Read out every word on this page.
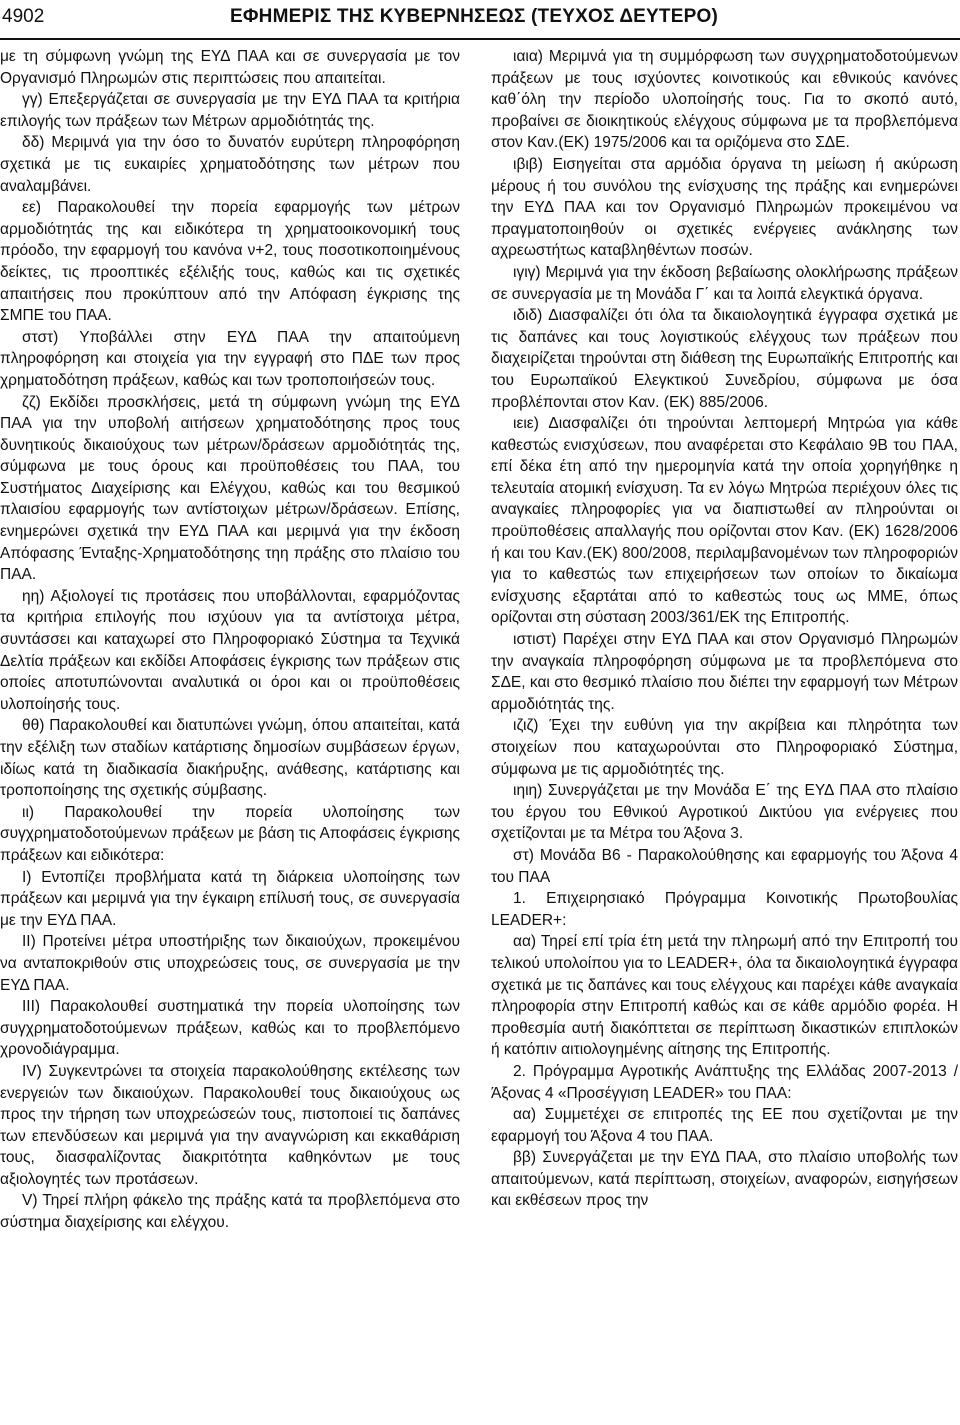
4902	ΕΦΗΜΕΡΙΣ ΤΗΣ ΚΥΒΕΡΝΗΣΕΩΣ (ΤΕΥΧΟΣ ΔΕΥΤΕΡΟ)

με τη σύμφωνη γνώμη της ΕΥΔ ΠΑΑ και σε συνεργασία με τον Οργανισμό Πληρωμών στις περιπτώσεις που απαιτείται.

γγ) Επεξεργάζεται σε συνεργασία με την ΕΥΔ ΠΑΑ τα κριτήρια επιλογής των πράξεων των Μέτρων αρμοδιότητάς της.

δδ) Μεριμνά για την όσο το δυνατόν ευρύτερη πληροφόρηση σχετικά με τις ευκαιρίες χρηματοδότησης των μέτρων που αναλαμβάνει.

εε) Παρακολουθεί την πορεία εφαρμογής των μέτρων αρμοδιότητάς της και ειδικότερα τη χρηματοοικονομική τους πρόοδο, την εφαρμογή του κανόνα ν+2, τους ποσοτικοποιημένους δείκτες, τις προοπτικές εξέλιξής τους, καθώς και τις σχετικές απαιτήσεις που προκύπτουν από την Απόφαση έγκρισης της ΣΜΠΕ του ΠΑΑ.

στστ) Υποβάλλει στην ΕΥΔ ΠΑΑ την απαιτούμενη πληροφόρηση και στοιχεία για την εγγραφή στο ΠΔΕ των προς χρηματοδότηση πράξεων, καθώς και των τροποποιήσεών τους.

ζζ) Εκδίδει προσκλήσεις, μετά τη σύμφωνη γνώμη της ΕΥΔ ΠΑΑ για την υποβολή αιτήσεων χρηματοδότησης προς τους δυνητικούς δικαιούχους των μέτρων/δράσεων αρμοδιότητάς της, σύμφωνα με τους όρους και προϋποθέσεις του ΠΑΑ, του Συστήματος Διαχείρισης και Ελέγχου, καθώς και του θεσμικού πλαισίου εφαρμογής των αντίστοιχων μέτρων/δράσεων. Επίσης, ενημερώνει σχετικά την ΕΥΔ ΠΑΑ και μεριμνά για την έκδοση Απόφασης Ένταξης-Χρηματοδότησης τηη πράξης στο πλαίσιο του ΠΑΑ.

ηη) Αξιολογεί τις προτάσεις που υποβάλλονται, εφαρμόζοντας τα κριτήρια επιλογής που ισχύουν για τα αντίστοιχα μέτρα, συντάσσει και καταχωρεί στο Πληροφοριακό Σύστημα τα Τεχνικά Δελτία πράξεων και εκδίδει Αποφάσεις έγκρισης των πράξεων στις οποίες αποτυπώνονται αναλυτικά οι όροι και οι προϋποθέσεις υλοποίησής τους.

θθ) Παρακολουθεί και διατυπώνει γνώμη, όπου απαιτείται, κατά την εξέλιξη των σταδίων κατάρτισης δημοσίων συμβάσεων έργων, ιδίως κατά τη διαδικασία διακήρυξης, ανάθεσης, κατάρτισης και τροποποίησης της σχετικής σύμβασης.

ιι) Παρακολουθεί την πορεία υλοποίησης των συγχρηματοδοτούμενων πράξεων με βάση τις Αποφάσεις έγκρισης πράξεων και ειδικότερα:

Ι) Εντοπίζει προβλήματα κατά τη διάρκεια υλοποίησης των πράξεων και μεριμνά για την έγκαιρη επίλυσή τους, σε συνεργασία με την ΕΥΔ ΠΑΑ.

ΙΙ) Προτείνει μέτρα υποστήριξης των δικαιούχων, προκειμένου να ανταποκριθούν στις υποχρεώσεις τους, σε συνεργασία με την ΕΥΔ ΠΑΑ.

ΙΙΙ) Παρακολουθεί συστηματικά την πορεία υλοποίησης των συγχρηματοδοτούμενων πράξεων, καθώς και το προβλεπόμενο χρονοδιάγραμμα.

ΙV) Συγκεντρώνει τα στοιχεία παρακολούθησης εκτέλεσης των ενεργειών των δικαιούχων. Παρακολουθεί τους δικαιούχους ως προς την τήρηση των υποχρεώσεών τους, πιστοποιεί τις δαπάνες των επενδύσεων και μεριμνά για την αναγνώριση και εκκαθάριση τους, διασφαλίζοντας διακριτότητα καθηκόντων με τους αξιολογητές των προτάσεων.

V) Τηρεί πλήρη φάκελο της πράξης κατά τα προβλεπόμενα στο σύστημα διαχείρισης και ελέγχου.

ιαια) Μεριμνά για τη συμμόρφωση των συγχρηματοδοτούμενων πράξεων με τους ισχύοντες κοινοτικούς και εθνικούς κανόνες καθ΄όλη την περίοδο υλοποίησής τους. Για το σκοπό αυτό, προβαίνει σε διοικητικούς ελέγχους σύμφωνα με τα προβλεπόμενα στον Καν.(ΕΚ) 1975/2006 και τα οριζόμενα στο ΣΔΕ.

ιβιβ) Εισηγείται στα αρμόδια όργανα τη μείωση ή ακύρωση μέρους ή του συνόλου της ενίσχυσης της πράξης και ενημερώνει την ΕΥΔ ΠΑΑ και τον Οργανισμό Πληρωμών προκειμένου να πραγματοποιηθούν οι σχετικές ενέργειες ανάκλησης των αχρεωστήτως καταβληθέντων ποσών.

ιγιγ) Μεριμνά για την έκδοση βεβαίωσης ολοκλήρωσης πράξεων σε συνεργασία με τη Μονάδα Γ΄ και τα λοιπά ελεγκτικά όργανα.

ιδιδ) Διασφαλίζει ότι όλα τα δικαιολογητικά έγγραφα σχετικά με τις δαπάνες και τους λογιστικούς ελέγχους των πράξεων που διαχειρίζεται τηρούνται στη διάθεση της Ευρωπαϊκής Επιτροπής και του Ευρωπαϊκού Ελεγκτικού Συνεδρίου, σύμφωνα με όσα προβλέπονται στον Καν. (ΕΚ) 885/2006.

ιειε) Διασφαλίζει ότι τηρούνται λεπτομερή Μητρώα για κάθε καθεστώς ενισχύσεων, που αναφέρεται στο Κεφάλαιο 9Β του ΠΑΑ, επί δέκα έτη από την ημερομηνία κατά την οποία χορηγήθηκε η τελευταία ατομική ενίσχυση. Τα εν λόγω Μητρώα περιέχουν όλες τις αναγκαίες πληροφορίες για να διαπιστωθεί αν πληρούνται οι προϋποθέσεις απαλλαγής που ορίζονται στον Καν. (ΕΚ) 1628/2006 ή και του Καν.(ΕΚ) 800/2008, περιλαμβανομένων των πληροφοριών για το καθεστώς των επιχειρήσεων των οποίων το δικαίωμα ενίσχυσης εξαρτάται από το καθεστώς τους ως ΜΜΕ, όπως ορίζονται στη σύσταση 2003/361/ΕΚ της Επιτροπής.

ιστιστ) Παρέχει στην ΕΥΔ ΠΑΑ και στον Οργανισμό Πληρωμών την αναγκαία πληροφόρηση σύμφωνα με τα προβλεπόμενα στο ΣΔΕ, και στο θεσμικό πλαίσιο που διέπει την εφαρμογή των Μέτρων αρμοδιότητάς της.

ιζιζ) Έχει την ευθύνη για την ακρίβεια και πληρότητα των στοιχείων που καταχωρούνται στο Πληροφοριακό Σύστημα, σύμφωνα με τις αρμοδιότητές της.

ιηιη) Συνεργάζεται με την Μονάδα Ε΄ της ΕΥΔ ΠΑΑ στο πλαίσιο του έργου του Εθνικού Αγροτικού Δικτύου για ενέργειες που σχετίζονται με τα Μέτρα του Άξονα 3.

στ) Μονάδα Β6 - Παρακολούθησης και εφαρμογής του Άξονα 4 του ΠΑΑ

1. Επιχειρησιακό Πρόγραμμα Κοινοτικής Πρωτοβουλίας LEADER+:

αα) Τηρεί επί τρία έτη μετά την πληρωμή από την Επιτροπή του τελικού υπολοίπου για το LEADER+, όλα τα δικαιολογητικά έγγραφα σχετικά με τις δαπάνες και τους ελέγχους και παρέχει κάθε αναγκαία πληροφορία στην Επιτροπή καθώς και σε κάθε αρμόδιο φορέα. Η προθεσμία αυτή διακόπτεται σε περίπτωση δικαστικών επιπλοκών ή κατόπιν αιτιολογημένης αίτησης της Επιτροπής.

2. Πρόγραμμα Αγροτικής Ανάπτυξης της Ελλάδας 2007-2013 / Άξονας 4 «Προσέγγιση LEADER» του ΠΑΑ:

αα) Συμμετέχει σε επιτροπές της ΕΕ που σχετίζονται με την εφαρμογή του Άξονα 4 του ΠΑΑ.

ββ) Συνεργάζεται με την ΕΥΔ ΠΑΑ, στο πλαίσιο υποβολής των απαιτούμενων, κατά περίπτωση, στοιχείων, αναφορών, εισηγήσεων και εκθέσεων προς την
